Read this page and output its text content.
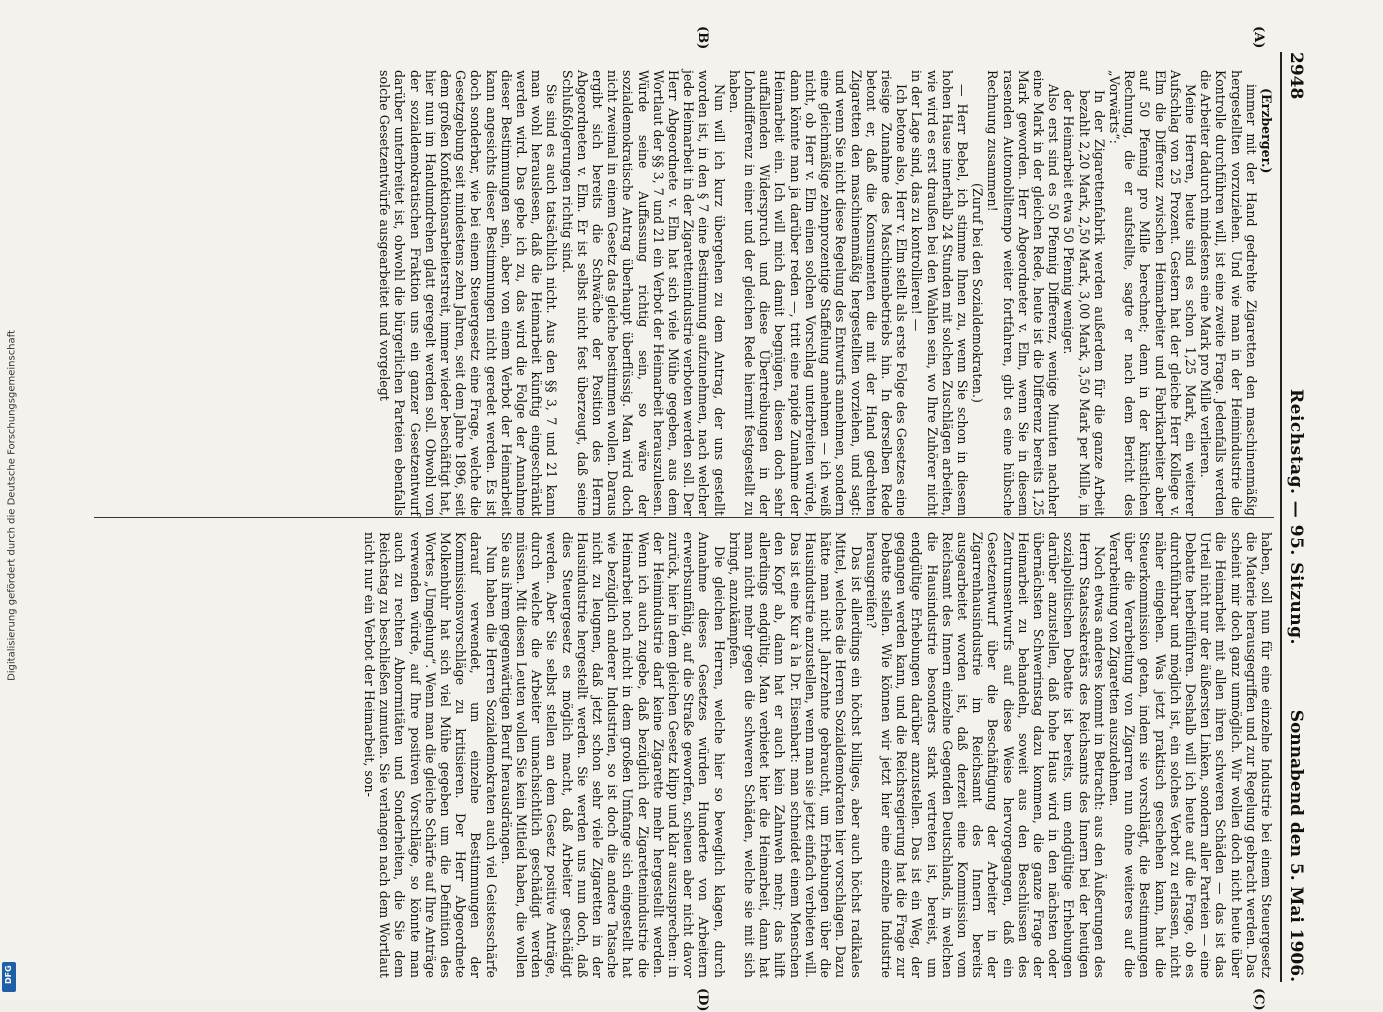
Digitalisierung gefördert durch die Deutsche Forschungsgemeinschaft
DFG
2948
Reichstag. — 95. Sitzung.
Sonnabend den 5. Mai 1906.
(A)
(B)
(C)
(D)

(Erzberger.)

immer mit der Hand gedrehte Zigaretten den maschinenmäßig hergestellten vorzuziehen. Und wie man in der Heimindustrie die Kontrolle durchführen will, ist eine zweite Frage. Jedenfalls werden die Arbeiter dadurch mindestens eine Mark pro Mille verlieren.

Meine Herren, heute sind es schon 1,25 Mark, ein weiterer Aufschlag von 25 Prozent. Gestern hat der gleiche Herr Kollege v. Elm die Differenz zwischen Heimarbeiter und Fabrikarbeiter aber auf 50 Pfennig pro Mille berechnet; denn in der künstlichen Rechnung, die er aufstellte, sagte er nach dem Bericht des „Vorwärts“:

In der Zigarettenfabrik werden außerdem für die ganze Arbeit bezahlt 2,20 Mark, 2,50 Mark, 3,00 Mark, 3,50 Mark per Mille, in der Heimarbeit etwa 50 Pfennig weniger.

Also erst sind es 50 Pfennig Differenz, wenige Minuten nachher eine Mark in der gleichen Rede, heute ist die Differenz bereits 1,25 Mark geworden. Herr Abgeordneter v. Elm, wenn Sie in diesem rasenden Automobiltempo weiter fortfahren, gibt es eine hübsche Rechnung zusammen!

(Zuruf bei den Sozialdemokraten.)

— Herr Bebel, ich stimme Ihnen zu, wenn Sie schon in diesem hohen Hause innerhalb 24 Stunden mit solchen Zuschlägen arbeiten, wie wird es erst draußen bei den Wahlen sein, wo Ihre Zuhörer nicht in der Lage sind, das zu kontrollieren! —

Ich betone also, Herr v. Elm stellt als erste Folge des Gesetzes eine riesige Zunahme des Maschinenbetriebs hin. In derselben Rede betont er, daß die Konsumenten die mit der Hand gedrehten Zigaretten den maschinenmäßig hergestellten vorziehen, und sagt: und wenn Sie nicht diese Regelung des Entwurfs annehmen, sondern eine gleichmäßige zehnprozentige Staffelung annehmen — ich weiß nicht, ob Herr v. Elm einen solchen Vorschlag unterbreiten würde, dann könnte man ja darüber reden —, tritt eine rapide Zunahme der Heimarbeit ein. Ich will mich damit begnügen, diesen doch sehr auffallenden Widerspruch und diese Übertreibungen in der Lohndifferenz in einer und der gleichen Rede hiermit festgestellt zu haben.

Nun will ich kurz übergehen zu dem Antrag, der uns gestellt worden ist, in den § 7 eine Bestimmung aufzunehmen, nach welcher jede Heimarbeit in der Zigarettenindustrie verboten werden soll. Der Herr Abgeordnete v. Elm hat sich viele Mühe gegeben, aus dem Wortlaut der §§ 3, 7 und 21 ein Verbot der Heimarbeit herauszulesen. Würde seine Auffassung richtig sein, so wäre der sozialdemokratische Antrag überhaupt überflüssig. Man wird doch nicht zweimal in einem Gesetz das gleiche bestimmen wollen. Daraus ergibt sich bereits die Schwäche der Position des Herrn Abgeordneten v. Elm. Er ist selbst nicht fest überzeugt, daß seine Schlußfolgerungen richtig sind.

Sie sind es auch tatsächlich nicht. Aus den §§ 3, 7 und 21 kann man wohl herauslesen, daß die Heimarbeit künftig eingeschränkt werden wird. Das gebe ich zu, das wird die Folge der Annahme dieser Bestimmungen sein, aber von einem Verbot der Heimarbeit kann angesichts dieser Bestimmungen nicht geredet werden. Es ist doch sonderbar, wie bei einem Steuergesetz eine Frage, welche die Gesetzgebung seit mindestens zehn Jahren, seit dem Jahre 1896, seit dem großen Konfektionsarbeiterstreit, immer wieder beschäftigt hat, hier nun im Handumdrehen glatt geregelt werden soll. Obwohl von der sozialdemokratischen Fraktion uns ein ganzer Gesetzentwurf darüber unterbreitet ist, obwohl die bürgerlichen Parteien ebenfalls solche Gesetzentwürfe ausgearbeitet und vorgelegt

haben, soll nun für eine einzelne Industrie bei einem Steuergesetz die Materie herausgegriffen und zur Regelung gebracht werden. Das scheint mir doch ganz unmöglich. Wir wollen doch nicht heute über die Heimarbeit mit allen ihren schweren Schäden — das ist das Urteil nicht nur der äußersten Linken, sondern aller Parteien — eine Debatte herbeiführen. Deshalb will ich heute auf die Frage, ob es durchführbar und möglich ist, ein solches Verbot zu erlassen, nicht näher eingehen. Was jetzt praktisch geschehen kann, hat die Steuerkommission getan, indem sie vorschlägt, die Bestimmungen über die Verarbeitung von Zigarren nun ohne weiteres auf die Verarbeitung von Zigaretten auszudehnen.

Noch etwas anderes kommt in Betracht: aus den Äußerungen des Herrn Staatssekretärs des Reichsamts des Innern bei der heutigen sozialpolitischen Debatte ist bereits, um endgültige Erhebungen darüber anzustellen, daß hohe Haus wird in den nächsten oder übernächsten Schwerinstag dazu kommen, die ganze Frage der Heimarbeit zu behandeln, soweit aus den Beschlüssen des Zentrumsentwurfs auf diese Weise hervorgegangen, daß ein Gesetzentwurf über die Beschäftigung der Arbeiter in der Zigarrenhausindustrie im Reichsamt des Innern bereits ausgearbeitet worden ist, daß derzeit eine Kommission vom Reichsamt des Innern einzelne Gegenden Deutschlands, in welchen die Hausindustrie besonders stark vertreten ist, bereist, um endgültige Erhebungen darüber anzustellen. Das ist ein Weg, der gegangen werden kann, und die Reichsregierung hat die Frage zur Debatte stellen. Wie können wir jetzt hier eine einzelne Industrie herausgreifen?

Das ist allerdings ein höchst billiges, aber auch höchst radikales Mittel, welches die Herren Sozialdemokraten hier vorschlagen. Dazu hätte man nicht Jahrzehnte gebraucht, um Erhebungen über die Hausindustrie anzustellen, wenn man sie jetzt einfach verbieten will. Das ist eine Kur à la Dr. Eisenbart: man schneidet einem Menschen den Kopf ab, dann hat er auch kein Zahnweh mehr; das hilft allerdings endgültig. Man verbietet hier die Heimarbeit, dann hat man nicht mehr gegen die schweren Schäden, welche sie mit sich bringt, anzukämpfen.

Die gleichen Herren, welche hier so beweglich klagen, durch Annahme dieses Gesetzes würden Hunderte von Arbeitern erwerbsunfähig, auf die Straße geworfen, scheuen aber nicht davor zurück, hier in dem gleichen Gesetz klipp und klar auszusprechen: in der Heimindustrie darf keine Zigarette mehr hergestellt werden. Wenn ich auch zugebe, daß bezüglich der Zigarettenindustrie die Heimarbeit noch nicht in dem großen Umfange sich eingestellt hat wie bezüglich anderer Industrien, so ist doch die andere Tatsache nicht zu leugnen, daß jetzt schon sehr viele Zigaretten in der Hausindustrie hergestellt werden. Sie werden uns nun doch, daß dies Steuergesetz es möglich macht, daß Arbeiter geschädigt werden. Aber Sie selbst stellen an dem Gesetz positive Anträge, durch welche die Arbeiter unnachsichtlich geschädigt werden müssen. Mit diesen Leuten wollen Sie kein Mitleid haben, die wollen Sie aus ihrem gegenwärtigen Beruf herausdrängen.

Nun haben die Herren Sozialdemokraten auch viel Geistesschärfe darauf verwendet, um einzelne Bestimmungen der Kommissionsvorschläge zu kritisieren. Der Herr Abgeordnete Molkenbuhr hat sich viel Mühe gegeben um die Definition des Wortes „Umgehung“. Wenn man die gleiche Schärfe auf Ihre Anträge verwenden würde, auf Ihre positiven Vorschläge, so könnte man auch zu rechten Abnormitäten und Sonderheiten, die Sie dem Reichstag zu beschließen zumuten. Sie verlangen nach dem Wortlaut nicht nur ein Verbot der Heimarbeit, son-
